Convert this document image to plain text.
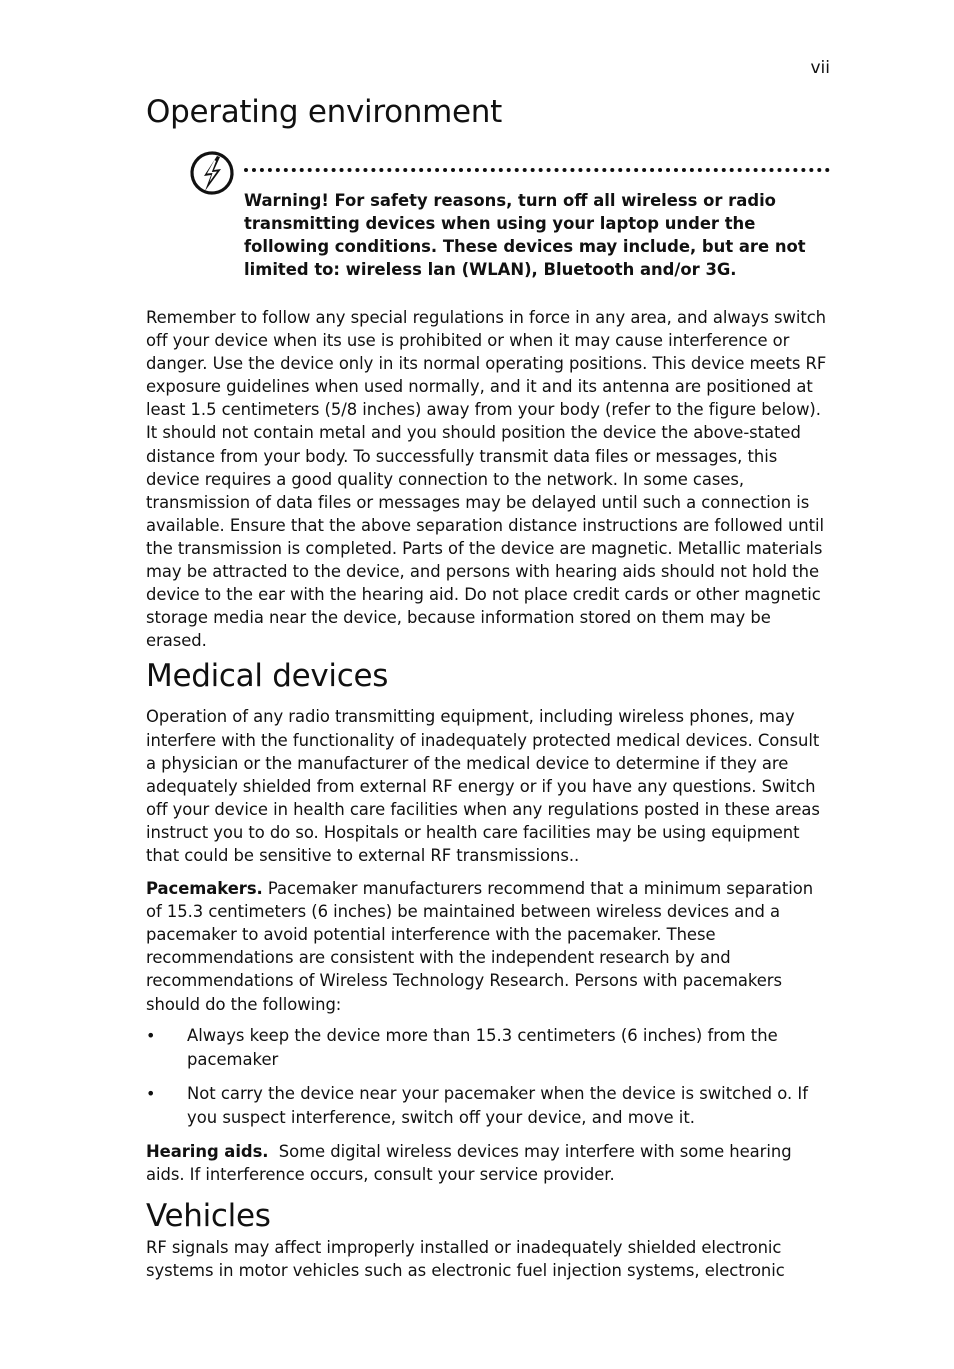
vii
Operating environment
Warning! For safety reasons, turn off all wireless or radio transmitting devices when using your laptop under the following conditions. These devices may include, but are not limited to: wireless lan (WLAN), Bluetooth and/or 3G.

Remember to follow any special regulations in force in any area, and always switch off your device when its use is prohibited or when it may cause interference or danger. Use the device only in its normal operating positions. This device meets RF exposure guidelines when used normally, and it and its antenna are positioned at least 1.5 centimeters (5/8 inches) away from your body (refer to the figure below). It should not contain metal and you should position the device the above-stated distance from your body. To successfully transmit data files or messages, this device requires a good quality connection to the network. In some cases, transmission of data files or messages may be delayed until such a connection is available. Ensure that the above separation distance instructions are followed until the transmission is completed. Parts of the device are magnetic. Metallic materials may be attracted to the device, and persons with hearing aids should not hold the device to the ear with the hearing aid. Do not place credit cards or other magnetic storage media near the device, because information stored on them may be erased.

Medical devices

Operation of any radio transmitting equipment, including wireless phones, may interfere with the functionality of inadequately protected medical devices. Consult a physician or the manufacturer of the medical device to determine if they are adequately shielded from external RF energy or if you have any questions. Switch off your device in health care facilities when any regulations posted in these areas instruct you to do so. Hospitals or health care facilities may be using equipment that could be sensitive to external RF transmissions..

Pacemakers. Pacemaker manufacturers recommend that a minimum separation of 15.3 centimeters (6 inches) be maintained between wireless devices and a pacemaker to avoid potential interference with the pacemaker. These recommendations are consistent with the independent research by and recommendations of Wireless Technology Research. Persons with pacemakers should do the following:

• Always keep the device more than 15.3 centimeters (6 inches) from the pacemaker
• Not carry the device near your pacemaker when the device is switched o. If you suspect interference, switch off your device, and move it.

Hearing aids.  Some digital wireless devices may interfere with some hearing aids. If interference occurs, consult your service provider.

Vehicles

RF signals may affect improperly installed or inadequately shielded electronic systems in motor vehicles such as electronic fuel injection systems, electronic
